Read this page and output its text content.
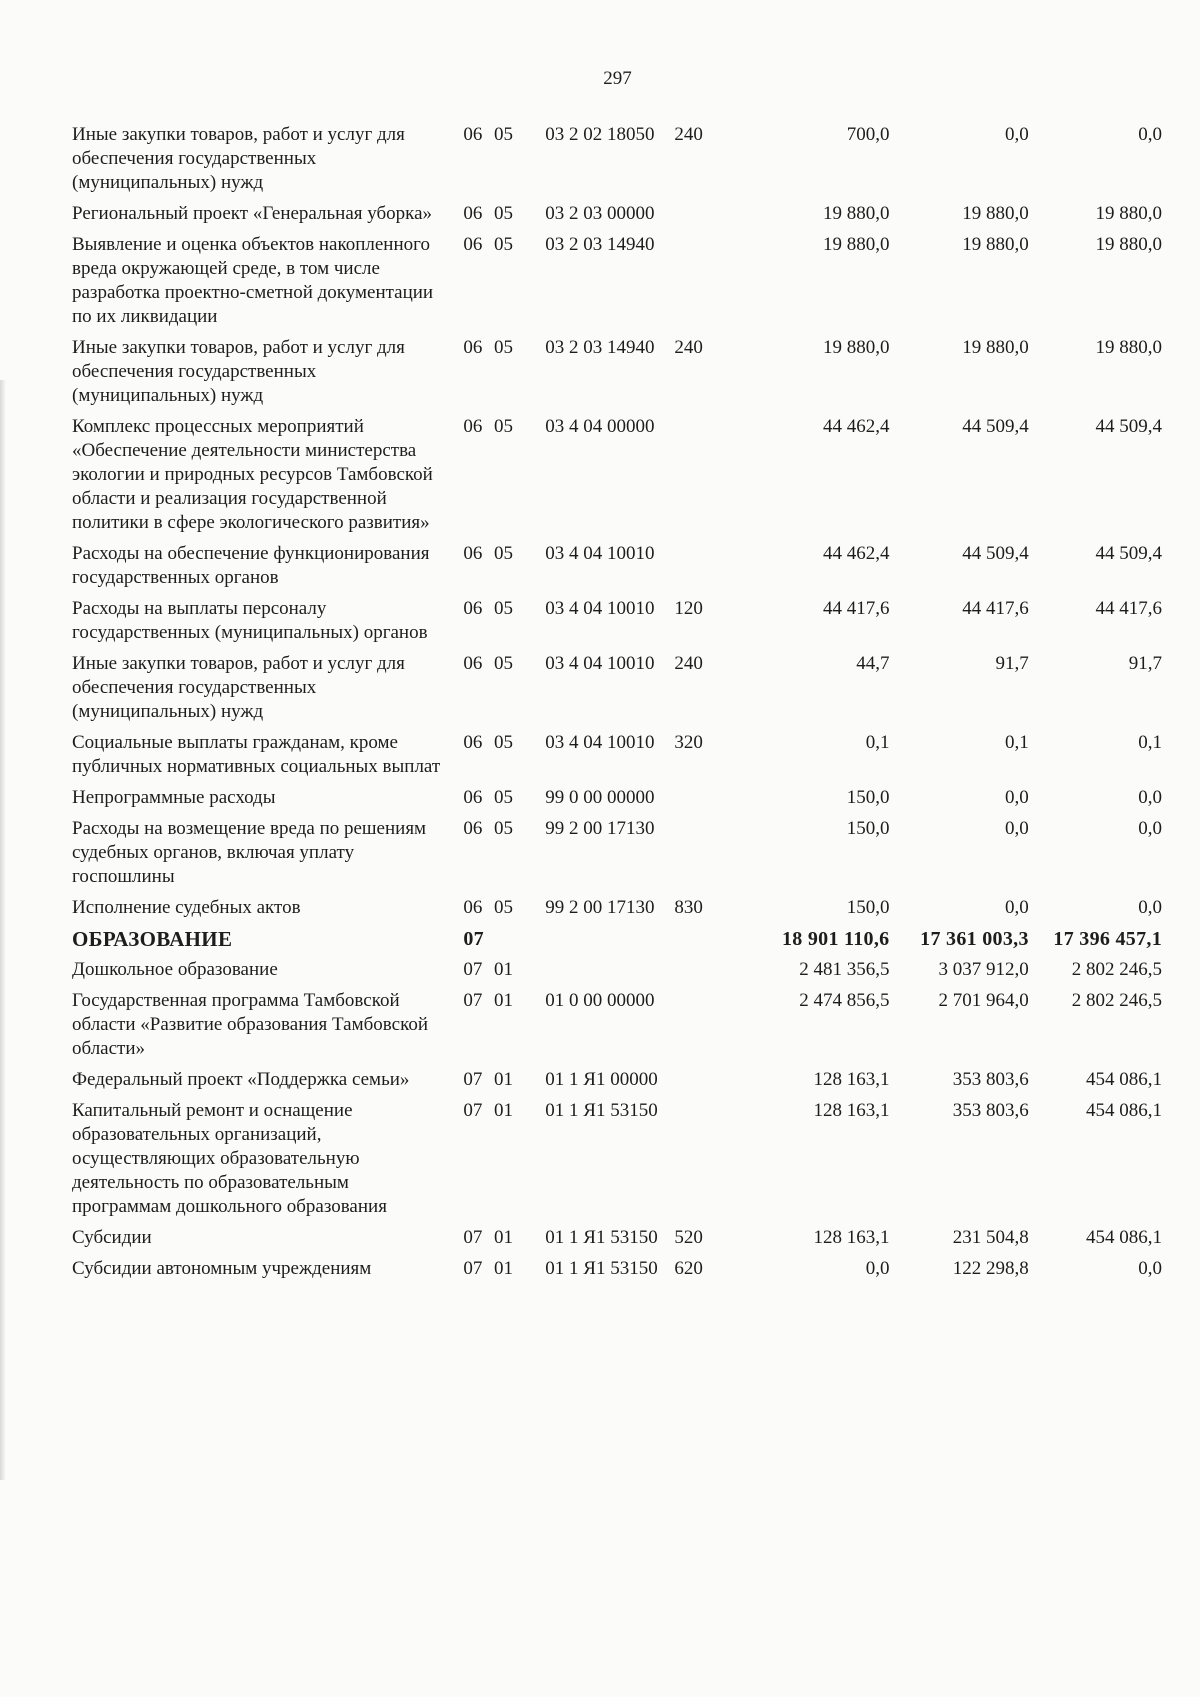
297
Иные закупки товаров, работ и услуг для обеспечения государственных (муниципальных) нужд	06	05	03 2 02 18050	240	700,0	0,0	0,0
Региональный проект «Генеральная уборка»	06	05	03 2 03 00000		19 880,0	19 880,0	19 880,0
Выявление и оценка объектов накопленного вреда окружающей среде, в том числе разработка проектно-сметной документации по их ликвидации	06	05	03 2 03 14940		19 880,0	19 880,0	19 880,0
Иные закупки товаров, работ и услуг для обеспечения государственных (муниципальных) нужд	06	05	03 2 03 14940	240	19 880,0	19 880,0	19 880,0
Комплекс процессных мероприятий «Обеспечение деятельности министерства экологии и природных ресурсов Тамбовской области и реализация государственной политики в сфере экологического развития»	06	05	03 4 04 00000		44 462,4	44 509,4	44 509,4
Расходы на обеспечение функционирования государственных органов	06	05	03 4 04 10010		44 462,4	44 509,4	44 509,4
Расходы на выплаты персоналу государственных (муниципальных) органов	06	05	03 4 04 10010	120	44 417,6	44 417,6	44 417,6
Иные закупки товаров, работ и услуг для обеспечения государственных (муниципальных) нужд	06	05	03 4 04 10010	240	44,7	91,7	91,7
Социальные выплаты гражданам, кроме публичных нормативных социальных выплат	06	05	03 4 04 10010	320	0,1	0,1	0,1
Непрограммные расходы	06	05	99 0 00 00000		150,0	0,0	0,0
Расходы на возмещение вреда по решениям судебных органов, включая уплату госпошлины	06	05	99 2 00 17130		150,0	0,0	0,0
Исполнение судебных актов	06	05	99 2 00 17130	830	150,0	0,0	0,0
ОБРАЗОВАНИЕ	07				18 901 110,6	17 361 003,3	17 396 457,1
Дошкольное образование	07	01			2 481 356,5	3 037 912,0	2 802 246,5
Государственная программа Тамбовской области «Развитие образования Тамбовской области»	07	01	01 0 00 00000		2 474 856,5	2 701 964,0	2 802 246,5
Федеральный проект «Поддержка семьи»	07	01	01 1 Я1 00000		128 163,1	353 803,6	454 086,1
Капитальный ремонт и оснащение образовательных организаций, осуществляющих образовательную деятельность по образовательным программам дошкольного образования	07	01	01 1 Я1 53150		128 163,1	353 803,6	454 086,1
Субсидии	07	01	01 1 Я1 53150	520	128 163,1	231 504,8	454 086,1
Субсидии автономным учреждениям	07	01	01 1 Я1 53150	620	0,0	122 298,8	0,0
